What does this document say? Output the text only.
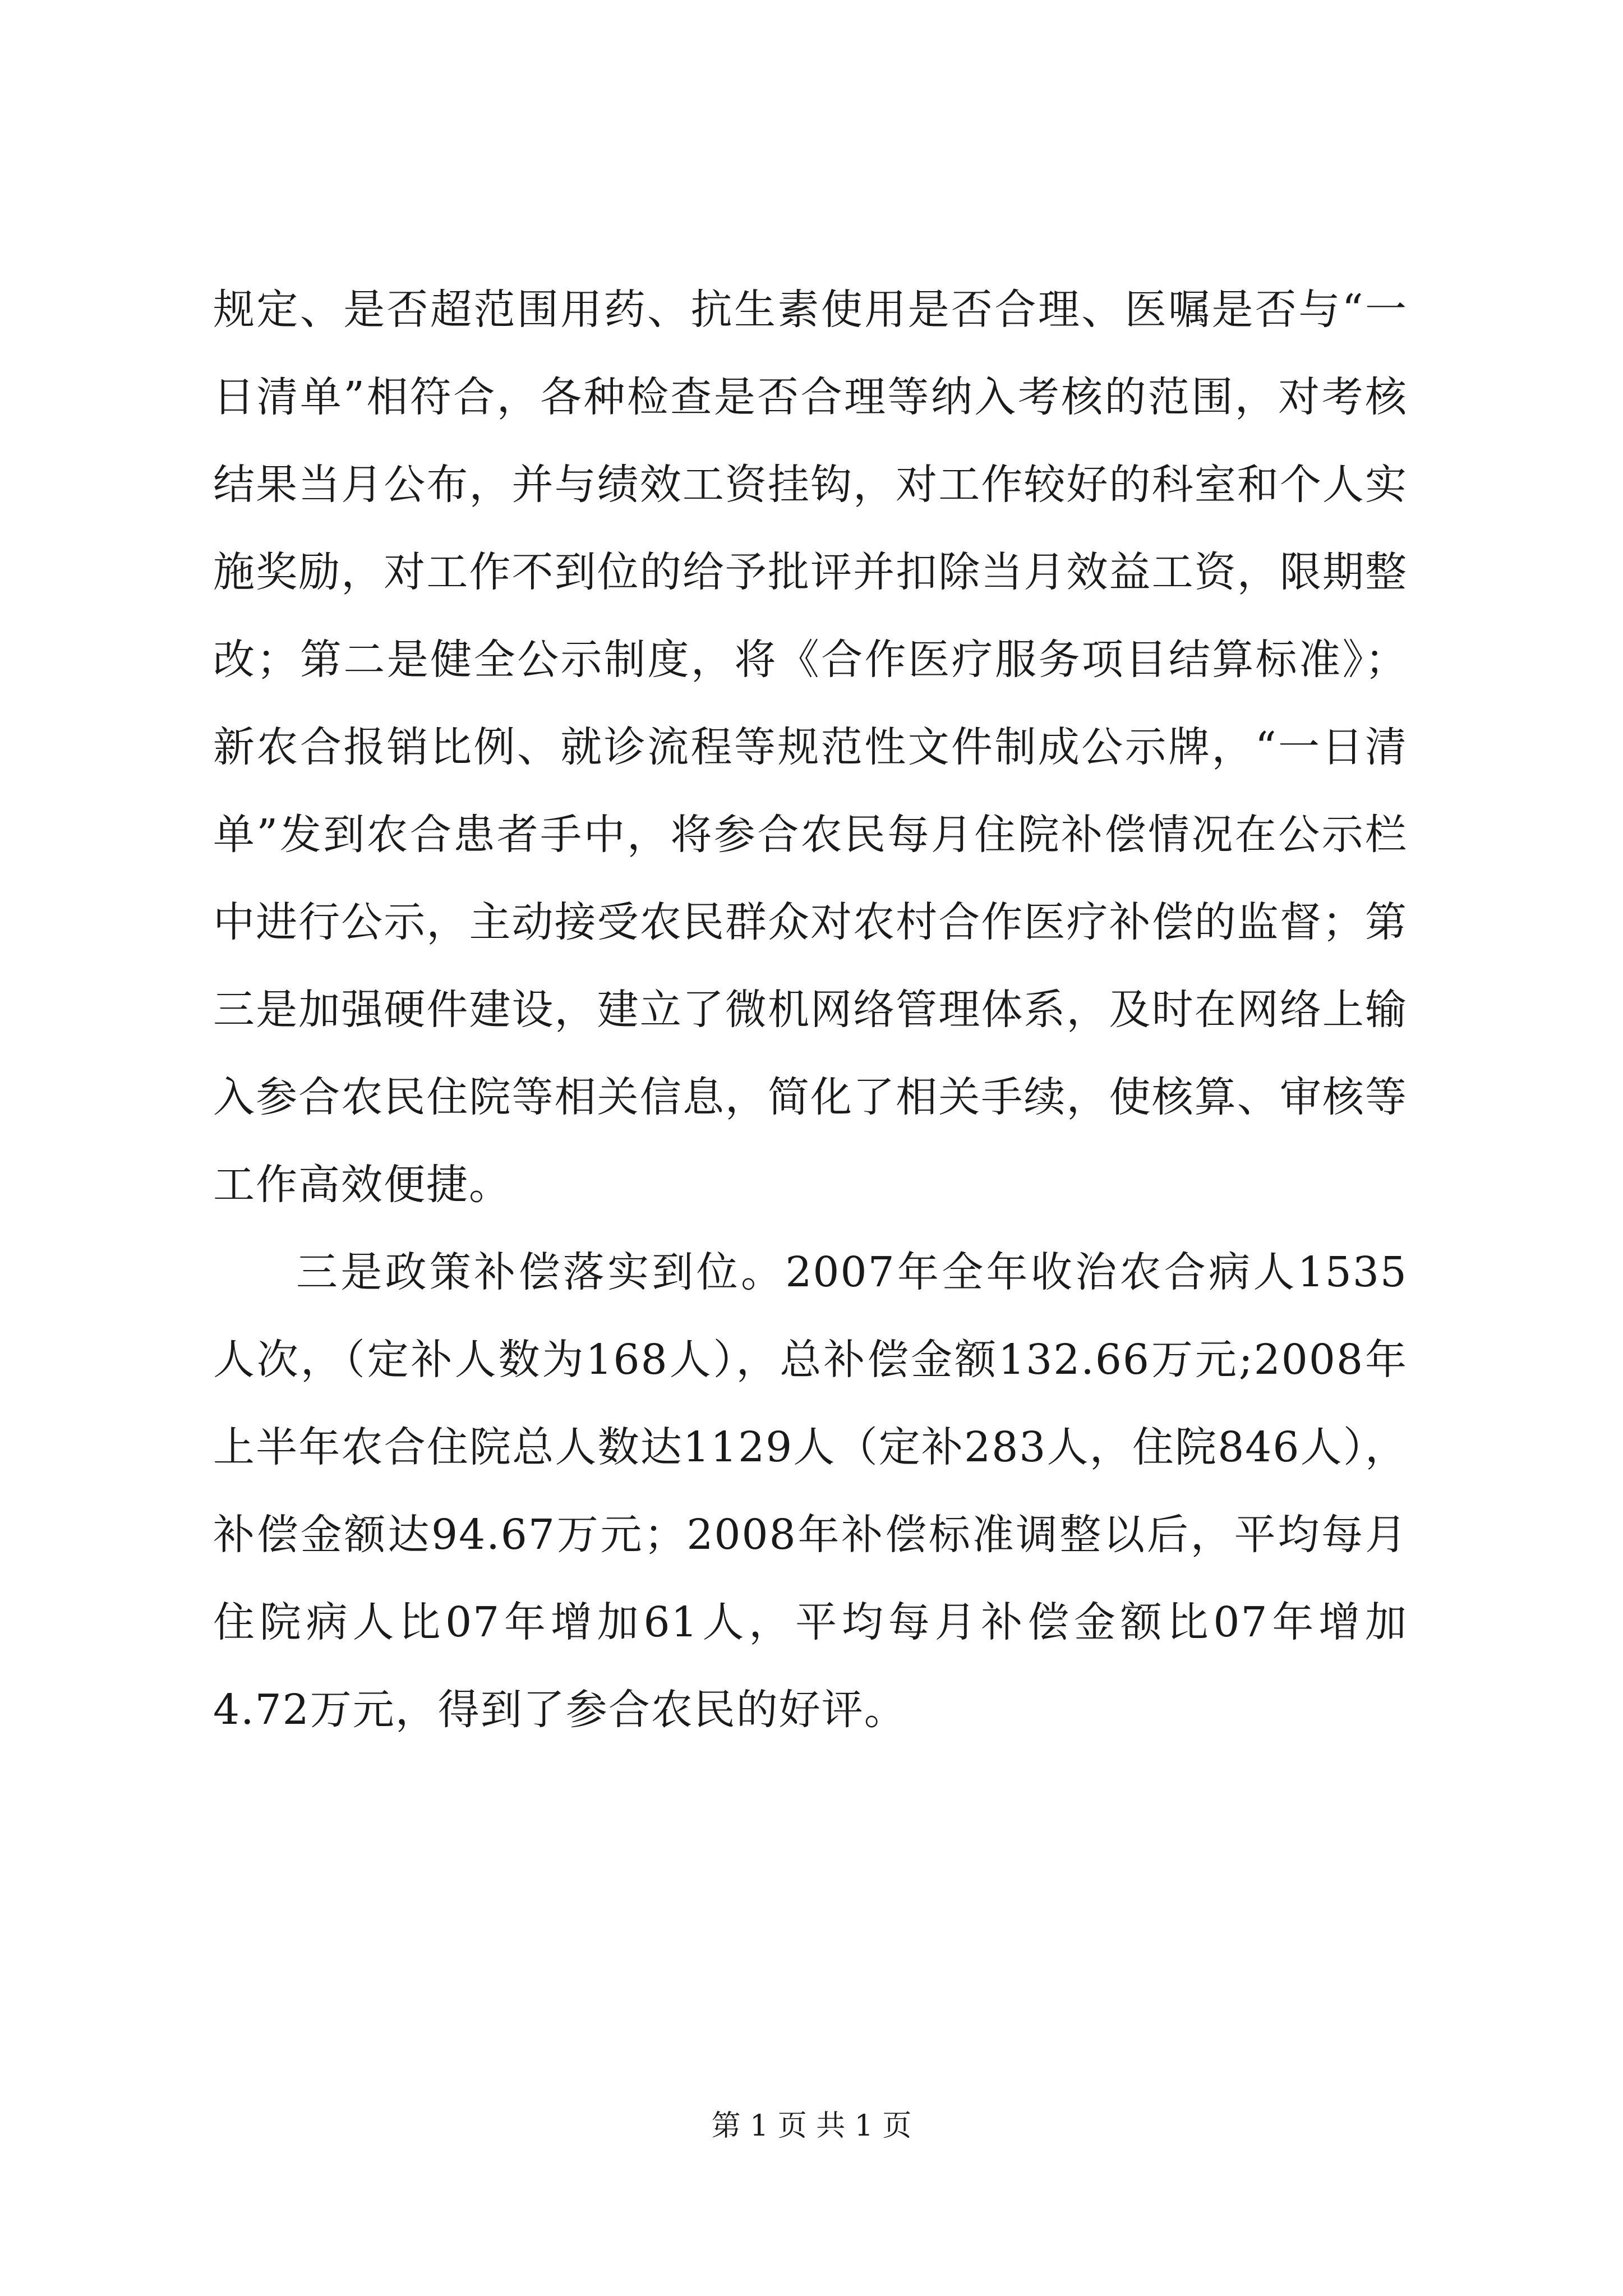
规定、是否超范围用药、抗生素使用是否合理、医嘱是否与“一日清单”相符合，各种检查是否合理等纳入考核的范围，对考核结果当月公布，并与绩效工资挂钩，对工作较好的科室和个人实施奖励，对工作不到位的给予批评并扣除当月效益工资，限期整改；第二是健全公示制度，将《合作医疗服务项目结算标准》；新农合报销比例、就诊流程等规范性文件制成公示牌，“一日清单”发到农合患者手中，将参合农民每月住院补偿情况在公示栏中进行公示，主动接受农民群众对农村合作医疗补偿的监督；第三是加强硬件建设，建立了微机网络管理体系，及时在网络上输入参合农民住院等相关信息，简化了相关手续，使核算、审核等工作高效便捷。

三是政策补偿落实到位。2007年全年收治农合病人1535人次，（定补人数为168人），总补偿金额132.66万元;2008年上半年农合住院总人数达1129人（定补283人，住院846人），补偿金额达94.67万元；2008年补偿标准调整以后，平均每月住院病人比07年增加61人，平均每月补偿金额比07年增加4.72万元，得到了参合农民的好评。

第 1 页 共 1 页
